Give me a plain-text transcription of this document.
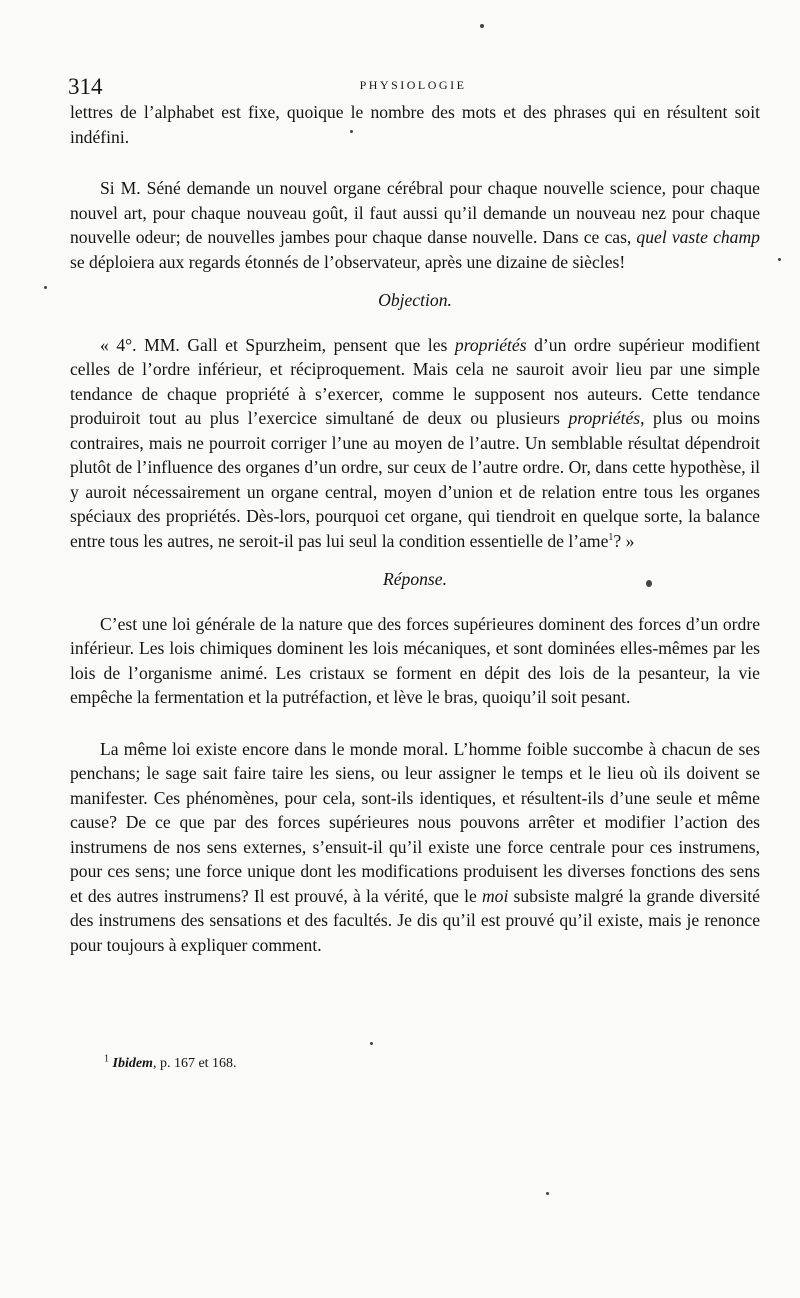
314	PHYSIOLOGIE

lettres de l’alphabet est fixe, quoique le nombre des mots et des phrases qui en résultent soit indéfini.

Si M. Séné demande un nouvel organe cérébral pour chaque nouvelle science, pour chaque nouvel art, pour chaque nouveau goût, il faut aussi qu’il demande un nouveau nez pour chaque nouvelle odeur; de nouvelles jambes pour chaque danse nouvelle. Dans ce cas, quel vaste champ se déploiera aux regards étonnés de l’observateur, après une dizaine de siècles!

Objection.

« 4°. MM. Gall et Spurzheim, pensent que les propriétés d’un ordre supérieur modifient celles de l’ordre inférieur, et réciproquement. Mais cela ne sauroit avoir lieu par une simple tendance de chaque propriété à s’exercer, comme le supposent nos auteurs. Cette tendance produiroit tout au plus l’exercice simultané de deux ou plusieurs propriétés, plus ou moins contraires, mais ne pourroit corriger l’une au moyen de l’autre. Un semblable résultat dépendroit plutôt de l’influence des organes d’un ordre, sur ceux de l’autre ordre. Or, dans cette hypothèse, il y auroit nécessairement un organe central, moyen d’union et de relation entre tous les organes spéciaux des propriétés. Dès-lors, pourquoi cet organe, qui tiendroit en quelque sorte, la balance entre tous les autres, ne seroit-il pas lui seul la condition essentielle de l’ame$^1$? »

Réponse.

C’est une loi générale de la nature que des forces supérieures dominent des forces d’un ordre inférieur. Les lois chimiques dominent les lois mécaniques, et sont dominées elles-mêmes par les lois de l’organisme animé. Les cristaux se forment en dépit des lois de la pesanteur, la vie empêche la fermentation et la putréfaction, et lève le bras, quoiqu’il soit pesant.

La même loi existe encore dans le monde moral. L’homme foible succombe à chacun de ses penchans; le sage sait faire taire les siens, ou leur assigner le temps et le lieu où ils doivent se manifester. Ces phénomènes, pour cela, sont-ils identiques, et résultent-ils d’une seule et même cause? De ce que par des forces supérieures nous pouvons arrêter et modifier l’action des instrumens de nos sens externes, s’ensuit-il qu’il existe une force centrale pour ces instrumens, pour ces sens; une force unique dont les modifications produisent les diverses fonctions des sens et des autres instrumens? Il est prouvé, à la vérité, que le moi subsiste malgré la grande diversité des instrumens des sensations et des facultés. Je dis qu’il est prouvé qu’il existe, mais je renonce pour toujours à expliquer comment.

$^1$ Ibidem, p. 167 et 168.
